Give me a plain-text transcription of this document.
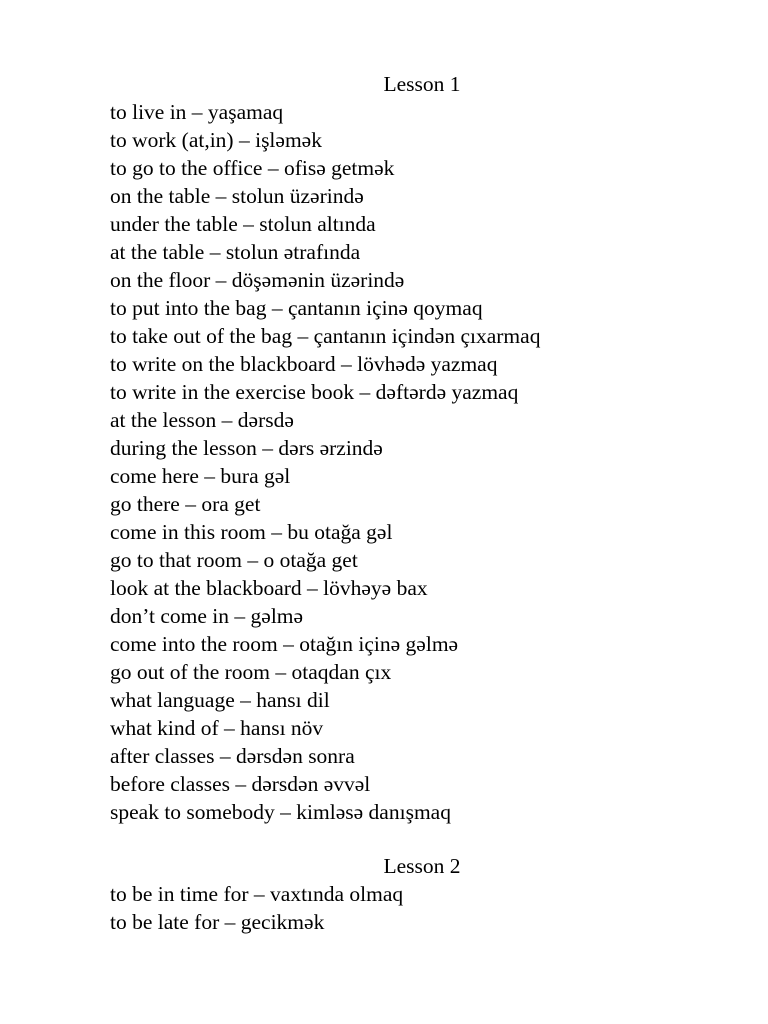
Lesson 1
to live in – yaşamaq
to work (at,in) – işləmək
to go to the office – ofisə getmək
on the table – stolun üzərində
under the table – stolun altında
at the table – stolun ətrafında
on the floor – döşəmənin üzərində
to put into the bag – çantanın içinə qoymaq
to take out of the bag – çantanın içindən çıxarmaq
to write on the blackboard – lövhədə yazmaq
to write in the exercise book – dəftərdə yazmaq
at the lesson – dərsdə
during the lesson – dərs ərzində
come here – bura gəl
go there – ora get
come in this room – bu otağa gəl
go to that room – o otağa get
look at the blackboard – lövhəyə bax
don’t come in – gəlmə
come into the room – otağın içinə gəlmə
go out of the room – otaqdan çıx
what language – hansı dil
what kind of – hansı növ
after classes – dərsdən sonra
before classes – dərsdən əvvəl
speak to somebody – kimləsə danışmaq
Lesson 2
to be in time for – vaxtında olmaq
to be late for – gecikmək
